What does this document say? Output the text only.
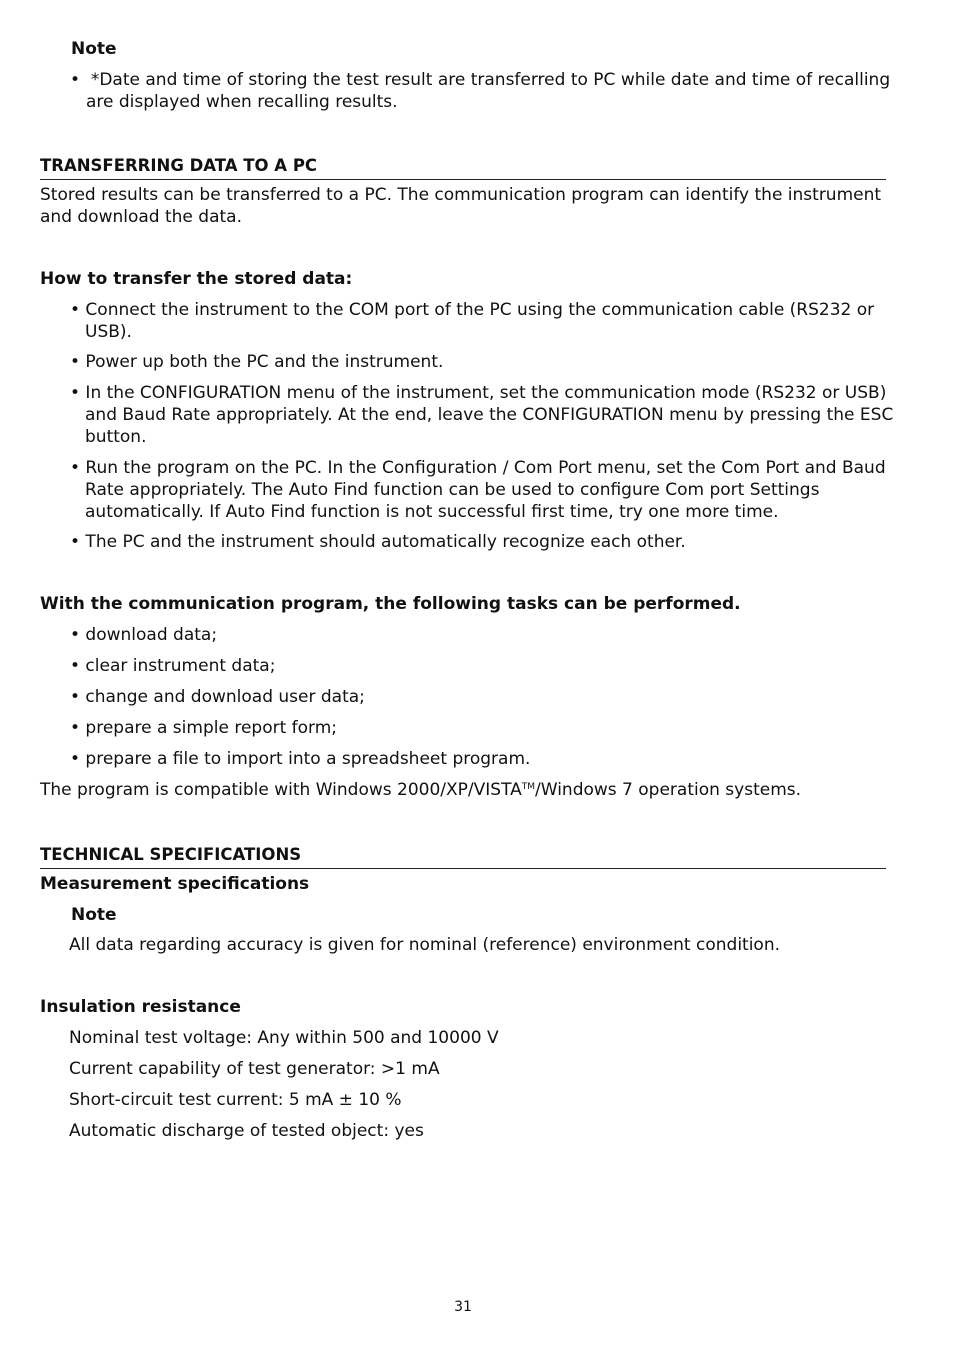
Note
• *Date and time of storing the test result are transferred to PC while date and time of recalling are displayed when recalling results.
TRANSFERRING DATA TO A PC
Stored results can be transferred to a PC. The communication program can identify the instrument and download the data.
How to transfer the stored data:
• Connect the instrument to the COM port of the PC using the communication cable (RS232 or USB).
• Power up both the PC and the instrument.
• In the CONFIGURATION menu of the instrument, set the communication mode (RS232 or USB) and Baud Rate appropriately. At the end, leave the CONFIGURATION menu by pressing the ESC button.
• Run the program on the PC. In the Configuration / Com Port menu, set the Com Port and Baud Rate appropriately. The Auto Find function can be used to configure Com port Settings automatically. If Auto Find function is not successful first time, try one more time.
• The PC and the instrument should automatically recognize each other.
With the communication program, the following tasks can be performed.
• download data;
• clear instrument data;
• change and download user data;
• prepare a simple report form;
• prepare a file to import into a spreadsheet program.
The program is compatible with Windows 2000/XP/VISTA™/Windows 7 operation systems.
TECHNICAL SPECIFICATIONS
Measurement specifications
Note
All data regarding accuracy is given for nominal (reference) environment condition.
Insulation resistance
Nominal test voltage: Any within 500 and 10000 V
Current capability of test generator: >1 mA
Short-circuit test current: 5 mA ± 10 %
Automatic discharge of tested object: yes
31
